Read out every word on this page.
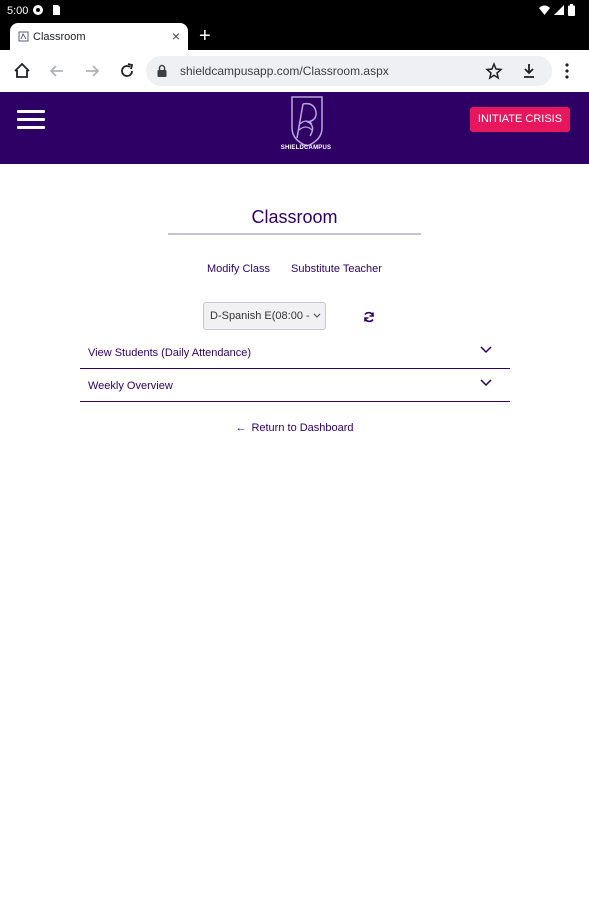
5:00
Classroom	× +
shieldcampusapp.com/Classroom.aspx
SHIELDCAMPUS
INITIATE CRISIS
Classroom
Modify Class Substitute Teacher
D-Spanish E(08:00 -
View Students (Daily Attendance)
Weekly Overview
← Return to Dashboard
